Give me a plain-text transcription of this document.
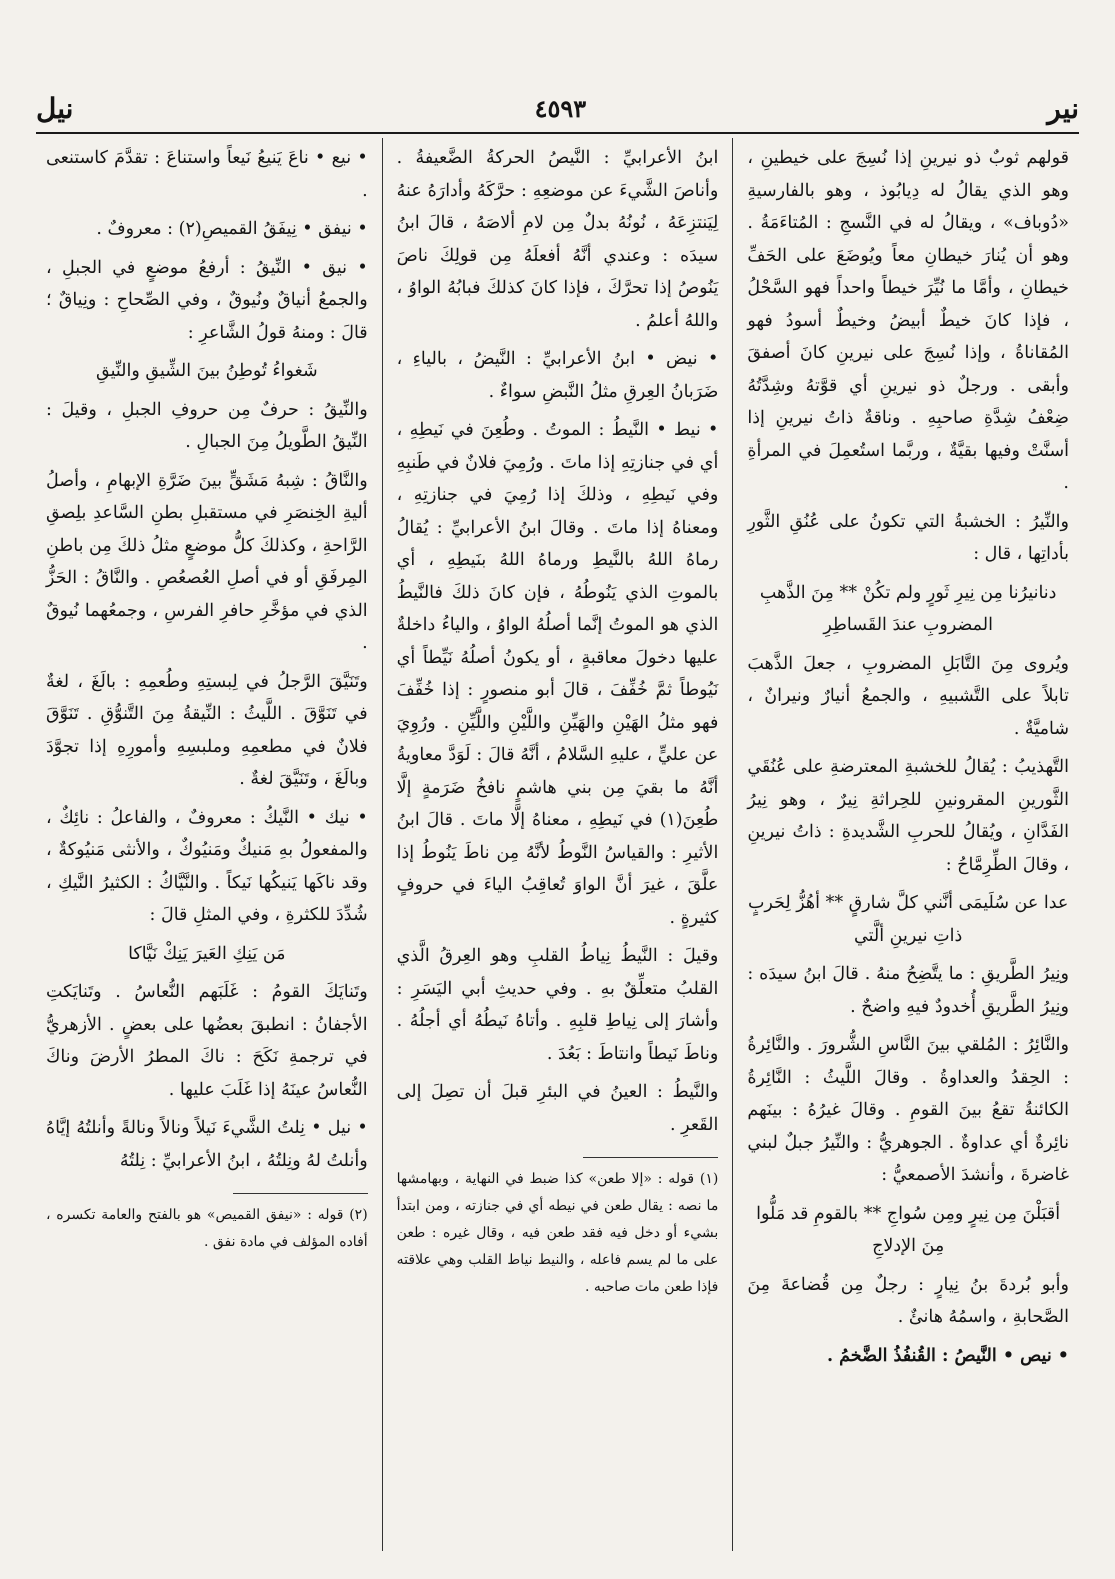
نير
٤٥٩٣
نيل

قولهم ثوبٌ ذو نيرينِ إذا نُسِجَ على خيطينِ ، وهو الذي يقالُ له دِيابُوذ ، وهو بالفارسيةِ «دُوباف» ، ويقالُ له في النَّسجِ : المُتاءَمَةُ . وهو أن يُنارَ خيطانِ معاً ويُوضَعَ على الحَفِّ خيطانِ ، وأمَّا ما نُيِّرَ خيطاً واحداً فهو السَّحْلُ ، فإذا كانَ خيطٌ أبيضُ وخيطٌ أسودُ فهو المُقاناةُ ، وإذا نُسِجَ على نيرينِ كانَ أصفقَ وأبقى . ورجلٌ ذو نيرينِ أي قوَّتهُ وشِدَّتُهُ ضِعْفُ شِدَّةِ صاحبِهِ . وناقةٌ ذاتُ نيرينِ إذا أسنَّتْ وفيها بقيَّةٌ ، وربَّما استُعمِلَ في المرأةِ .

والنِّيرُ : الخشبةُ التي تكونُ على عُنُقِ الثَّورِ بأداتِها ، قال :

دنانيرُنا مِن نِيرِ ثَورٍ ولم تكُنْ ** مِنَ الذَّهبِ المضروبِ عندَ القَساطِرِ

ويُروى مِنَ التَّابَلِ المضروبِ ، جعلَ الذَّهبَ تابلاً على التَّشبيهِ ، والجمعُ أنيارٌ ونيرانٌ ، شاميَّةٌ .

التَّهذيبُ : يُقالُ للخشبةِ المعترضةِ على عُنُقَي الثَّورينِ المقرونينِ للحِراثةِ نِيرٌ ، وهو نِيرُ الفَدَّانِ ، ويُقالُ للحربِ الشَّديدةِ : ذاتُ نيرينِ ، وقالَ الطِّرِمَّاحُ :

عدا عن سُلَيمَى أنَّني كلَّ شارقٍ ** أهُزُّ لِحَربٍ ذاتِ نيرينِ ألَّتي

ونِيرُ الطَّريقِ : ما يتَّضِحُ منهُ . قالَ ابنُ سيدَه : ونِيرُ الطَّريقِ أُخدودٌ فيهِ واضحٌ .

والنَّائِرُ : المُلقي بينَ النَّاسِ الشُّرورَ . والنَّائِرةُ : الحِقدُ والعداوةُ . وقالَ اللَّيثُ : النَّائِرةُ الكائنةُ تقعُ بينَ القومِ . وقالَ غيرُهُ : بينَهم نائِرةٌ أي عداوةٌ . الجوهريُّ : والنِّيرُ جبلٌ لبني غاضرةَ ، وأنشدَ الأصمعيُّ :

أقبَلْنَ مِن نِيرٍ ومِن سُواجِ ** بالقومِ قد مَلُّوا مِنَ الإدلاجِ

وأبو بُردةَ بنُ نِيارٍ : رجلٌ مِن قُضاعةَ مِنَ الصَّحابةِ ، واسمُهُ هانئٌ .

• نيص • النَّيصُ : القُنفُذُ الضَّخمُ .

ابنُ الأعرابيِّ : النَّيصُ الحركةُ الضَّعيفةُ . وأناصَ الشَّيءَ عن موضعِهِ : حرَّكَهُ وأدارَهُ عنهُ لِيَنتزِعَهُ ، نُونُهُ بدلٌ مِن لامِ ألاصَهُ ، قالَ ابنُ سيدَه : وعندي أنَّهُ أفعلَهُ مِن قولِكَ ناصَ يَنُوصُ إذا تحرَّكَ ، فإذا كانَ كذلكَ فبابُهُ الواوُ ، واللهُ أعلمُ .

• نيض • ابنُ الأعرابيِّ : النَّيضُ ، بالياءِ ، ضَرَبانُ العِرقِ مثلُ النَّبضِ سواءٌ .

• نيط • النَّيطُ : الموتُ . وطُعِنَ في نَيطِهِ ، أي في جنازتِهِ إذا ماتَ . ورُمِيَ فلانٌ في طَنبِهِ وفي نَيطِهِ ، وذلكَ إذا رُمِيَ في جنازتِهِ ، ومعناهُ إذا ماتَ . وقالَ ابنُ الأعرابيِّ : يُقالُ رماهُ اللهُ بالنَّيطِ ورماهُ اللهُ بنَيطِهِ ، أي بالموتِ الذي يَنُوطُهُ ، فإن كانَ ذلكَ فالنَّيطُ الذي هو الموتُ إنَّما أصلُهُ الواوُ ، والياءُ داخلةٌ عليها دخولَ معاقبةٍ ، أو يكونُ أصلُهُ نَيِّطاً أي نَيُوطاً ثمَّ خُفِّفَ ، قالَ أبو منصورٍ : إذا خُفِّفَ فهو مثلُ الهَيْنِ والهَيِّنِ واللَّيْنِ واللَّيِّنِ . ورُوِيَ عن عليٍّ ، عليهِ السَّلامُ ، أنَّهُ قالَ : لَوَدَّ معاويةُ أنَّهُ ما بقيَ مِن بني هاشمٍ نافخُ ضَرَمةٍ إلَّا طُعِنَ(١) في نَيطِهِ ، معناهُ إلَّا ماتَ . قالَ ابنُ الأثيرِ : والقياسُ النَّوطُ لأنَّهُ مِن ناطَ يَنُوطُ إذا علَّقَ ، غيرَ أنَّ الواوَ تُعاقِبُ الياءَ في حروفٍ كثيرةٍ .

وقيلَ : النَّيطُ نِياطُ القلبِ وهو العِرقُ الَّذي القلبُ متعلِّقٌ بهِ . وفي حديثِ أبي اليَسَرِ : وأشارَ إلى نِياطِ قلبِهِ . وأتاهُ نَيطُهُ أي أجلُهُ . وناطَ نَيطاً وانتاطَ : بَعُدَ .

والنَّيطُ : العينُ في البئرِ قبلَ أن تصِلَ إلى القَعرِ .

(١) قوله : «إلا طعن» كذا ضبط في النهاية ، وبهامشها ما نصه : يقال طعن في نيطه أي في جنازته ، ومن ابتدأ بشيء أو دخل فيه فقد طعن فيه ، وقال غيره : طعن على ما لم يسم فاعله ، والنيط نياط القلب وهي علاقته فإذا طعن مات صاحبه .

• نيع • ناعَ يَنيعُ نَيعاً واستناعَ : تقدَّمَ كاستنعى .

• نيفق • نِيفَقُ القميصِ(٢) : معروفٌ .

• نيق • النِّيقُ : أرفعُ موضعٍ في الجبلِ ، والجمعُ أنياقٌ ونُيوقٌ ، وفي الصِّحاحِ : ونِياقٌ ؛ قالَ : ومنهُ قولُ الشَّاعرِ :

شَغواءُ تُوطِنُ بينَ الشِّيقِ والنِّيقِ

والنِّيقُ : حرفٌ مِن حروفِ الجبلِ ، وقيلَ : النِّيقُ الطَّويلُ مِنَ الجبالِ .

والنَّاقُ : شِبهُ مَشَقٍّ بينَ ضَرَّةِ الإبهامِ ، وأصلُ أليةِ الخِنصَرِ في مستقبلِ بطنِ السَّاعدِ بلِصقِ الرَّاحةِ ، وكذلكَ كلُّ موضعٍ مثلُ ذلكَ مِن باطنِ المِرفَقِ أو في أصلِ العُصعُصِ . والنَّاقُ : الحَزُّ الذي في مؤخَّرِ حافرِ الفرسِ ، وجمعُهما نُيوقٌ .

وتَنَيَّقَ الرَّجلُ في لِبستِهِ وطُعمِهِ : بالَغَ ، لغةٌ في تَنَوَّقَ . اللَّيثُ : النِّيقةُ مِنَ التَّنوُّقِ . تَنَوَّقَ فلانٌ في مطعمِهِ وملبسِهِ وأمورِهِ إذا تجوَّدَ وبالَغَ ، وتَنَيَّقَ لغةٌ .

• نيك • النَّيكُ : معروفٌ ، والفاعلُ : نائِكٌ ، والمفعولُ بهِ مَنيكٌ ومَنيُوكٌ ، والأنثى مَنيُوكةٌ ، وقد ناكَها يَنيكُها نَيكاً . والنَّيَّاكُ : الكثيرُ النَّيكِ ، شُدِّدَ للكثرةِ ، وفي المثلِ قالَ :

مَن يَنِكِ العَيرَ يَنِكْ نَيَّاكا

وتَنايَكَ القومُ : غَلَبَهم النُّعاسُ . وتَنايَكتِ الأجفانُ : انطبقَ بعضُها على بعضٍ . الأزهريُّ في ترجمةِ نَكَحَ : ناكَ المطرُ الأرضَ وناكَ النُّعاسُ عينَهُ إذا غَلَبَ عليها .

• نيل • نِلتُ الشَّيءَ نَيلاً ونالاً ونالةً وأنلتُهُ إيَّاهُ وأنلتُ لهُ ونِلتُهُ ، ابنُ الأعرابيِّ : نِلتُهُ

(٢) قوله : «نيفق القميص» هو بالفتح والعامة تكسره ، أفاده المؤلف في مادة نفق .
